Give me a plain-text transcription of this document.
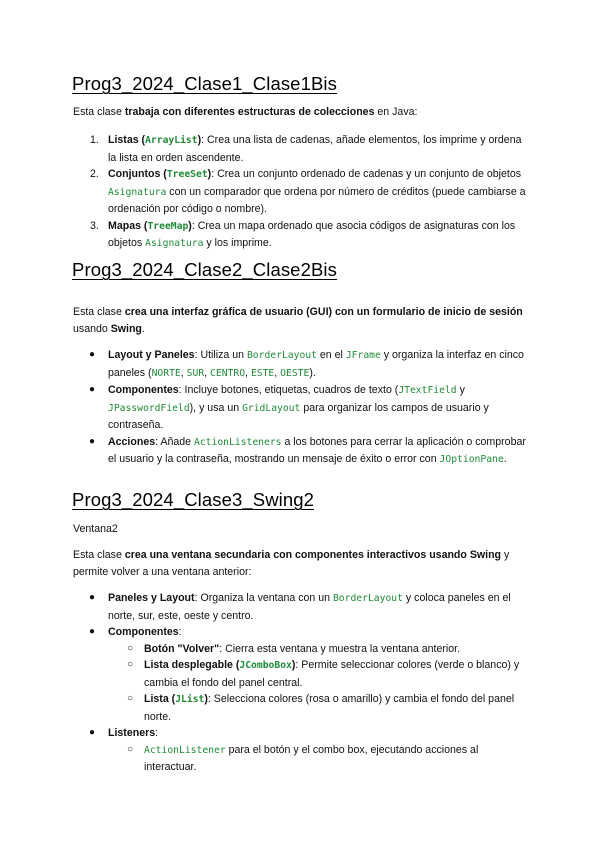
Prog3_2024_Clase1_Clase1Bis

Esta clase trabaja con diferentes estructuras de colecciones en Java:

1. Listas (ArrayList): Crea una lista de cadenas, añade elementos, los imprime y ordena la lista en orden ascendente.
2. Conjuntos (TreeSet): Crea un conjunto ordenado de cadenas y un conjunto de objetos Asignatura con un comparador que ordena por número de créditos (puede cambiarse a ordenación por código o nombre).
3. Mapas (TreeMap): Crea un mapa ordenado que asocia códigos de asignaturas con los objetos Asignatura y los imprime.
Prog3_2024_Clase2_Clase2Bis

Esta clase crea una interfaz gráfica de usuario (GUI) con un formulario de inicio de sesión usando Swing.

● Layout y Paneles: Utiliza un BorderLayout en el JFrame y organiza la interfaz en cinco paneles (NORTE, SUR, CENTRO, ESTE, OESTE).
● Componentes: Incluye botones, etiquetas, cuadros de texto (JTextField y JPasswordField), y usa un GridLayout para organizar los campos de usuario y contraseña.
● Acciones: Añade ActionListeners a los botones para cerrar la aplicación o comprobar el usuario y la contraseña, mostrando un mensaje de éxito o error con JOptionPane.
Prog3_2024_Clase3_Swing2

Ventana2

Esta clase crea una ventana secundaria con componentes interactivos usando Swing y permite volver a una ventana anterior:

● Paneles y Layout: Organiza la ventana con un BorderLayout y coloca paneles en el norte, sur, este, oeste y centro.
● Componentes:
○ Botón "Volver": Cierra esta ventana y muestra la ventana anterior.
○ Lista desplegable (JComboBox): Permite seleccionar colores (verde o blanco) y cambia el fondo del panel central.
○ Lista (JList): Selecciona colores (rosa o amarillo) y cambia el fondo del panel norte.
● Listeners:
○ ActionListener para el botón y el combo box, ejecutando acciones al interactuar.
